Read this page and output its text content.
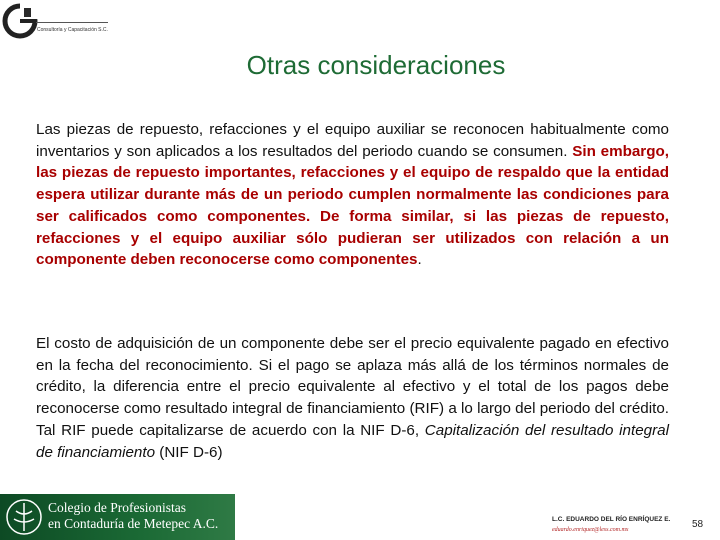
Consultoría y Capacitación S.C.
Otras consideraciones

Las piezas de repuesto, refacciones y el equipo auxiliar se reconocen habitualmente como inventarios y son aplicados a los resultados del periodo cuando se consumen. Sin embargo, las piezas de repuesto importantes, refacciones y el equipo de respaldo que la entidad espera utilizar durante más de un periodo cumplen normalmente las condiciones para ser calificados como componentes. De forma similar, si las piezas de repuesto, refacciones y el equipo auxiliar sólo pudieran ser utilizados con relación a un componente deben reconocerse como componentes.

El costo de adquisición de un componente debe ser el precio equivalente pagado en efectivo en la fecha del reconocimiento. Si el pago se aplaza más allá de los términos normales de crédito, la diferencia entre el precio equivalente al efectivo y el total de los pagos debe reconocerse como resultado integral de financiamiento (RIF) a lo largo del periodo del crédito. Tal RIF puede capitalizarse de acuerdo con la NIF D-6, Capitalización del resultado integral de financiamiento (NIF D-6)

Colegio de Profesionistas
en Contaduría de Metepec A.C.	L.C. EDUARDO DEL RÍO ENRÍQUEZ E.
eduardo.enriquez@less.com.mx	58
